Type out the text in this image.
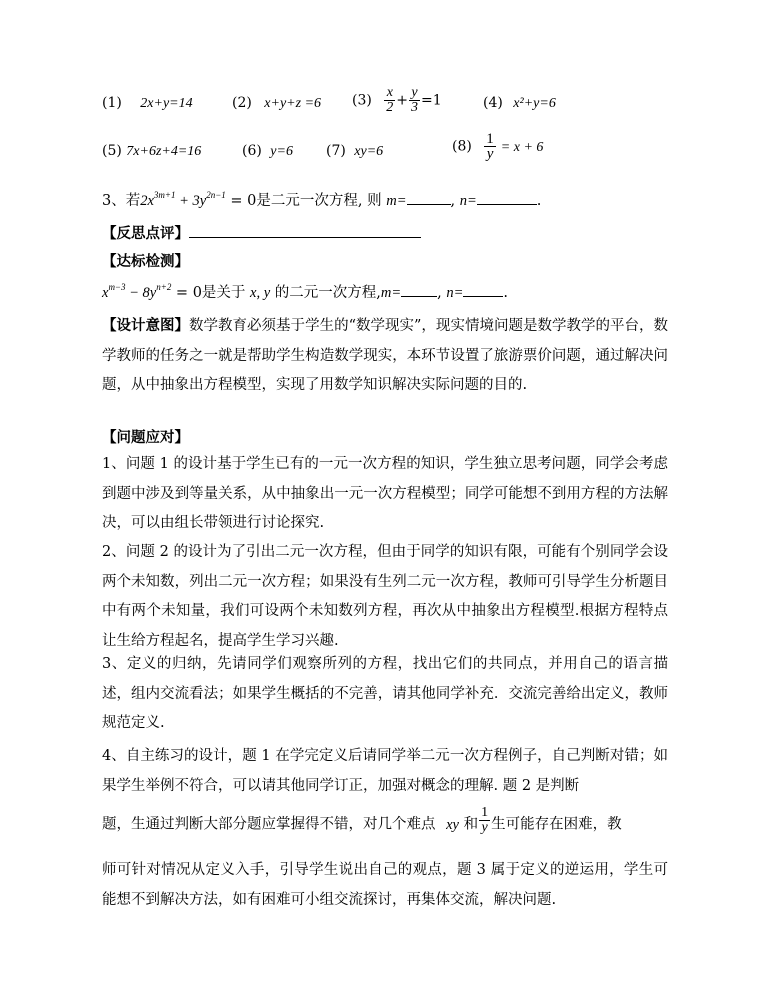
(1) 2x+y=14	(2) x+y+z =6 $(3) \frac{x}{2} + \frac{y}{3} =1$	(4) x²+y=6
(5) 7x+6z+4=16	(6) y=6 (7) xy=6	$(8) \frac{1}{y} = x + 6$
3、若$2x^{3m+1} + 3y^{2n-1} = 0$是二元一次方程, 则 m=	, n=	.
【反思点评】
【达标检测】
$x^{m-3} - 8y^{n+2} = 0$是关于 x, y 的二元一次方程,m= , n=	.
【设计意图】数学教育必须基于学生的“数学现实”，现实情境问题是数学教学的平台，数学教师的任务之一就是帮助学生构造数学现实，本环节设置了旅游票价问题，通过解决问题，从中抽象出方程模型，实现了用数学知识解决实际问题的目的.
【问题应对】
1、问题 1 的设计基于学生已有的一元一次方程的知识，学生独立思考问题，同学会考虑到题中涉及到等量关系，从中抽象出一元一次方程模型；同学可能想不到用方程的方法解决，可以由组长带领进行讨论探究.
2、问题 2 的设计为了引出二元一次方程，但由于同学的知识有限，可能有个别同学会设两个未知数，列出二元一次方程；如果没有生列二元一次方程，教师可引导学生分析题目中有两个未知量，我们可设两个未知数列方程，再次从中抽象出方程模型.根据方程特点让生给方程起名，提高学生学习兴趣.
3、定义的归纳，先请同学们观察所列的方程，找出它们的共同点，并用自己的语言描述，组内交流看法；如果学生概括的不完善，请其他同学补充．交流完善给出定义，教师规范定义.
4、自主练习的设计，题 1 在学完定义后请同学举二元一次方程例子，自己判断对错；如果学生举例不符合，可以请其他同学订正，加强对概念的理解. 题 2 是判断
题，生通过判断大部分题应掌握得不错，对几个难点 xy 和 $\frac{1}{y}$ 生可能存在困难，教
师可针对情况从定义入手，引导学生说出自己的观点，题 3 属于定义的逆运用，学生可能想不到解决方法，如有困难可小组交流探讨，再集体交流，解决问题.
